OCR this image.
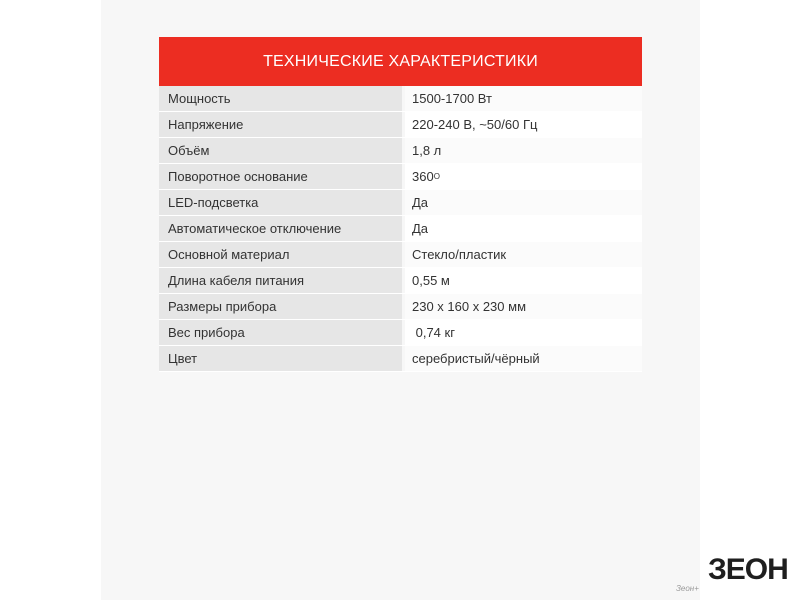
ТЕХНИЧЕСКИЕ ХАРАКТЕРИСТИКИ
Мощность	1500-1700 Вт
Напряжение	220-240 В, ~50/60 Гц
Объём	1,8 л
Поворотное основание	360 O
LED-подсветка	Да
Автоматическое отключение	Да
Основной материал	Стекло/пластик
Длина кабеля питания	0,55 м
Размеры прибора	230 х 160 х 230 мм
Вес прибора	0,74 кг
Цвет	серебристый/чёрный
ЗЕОН
Зеон+
